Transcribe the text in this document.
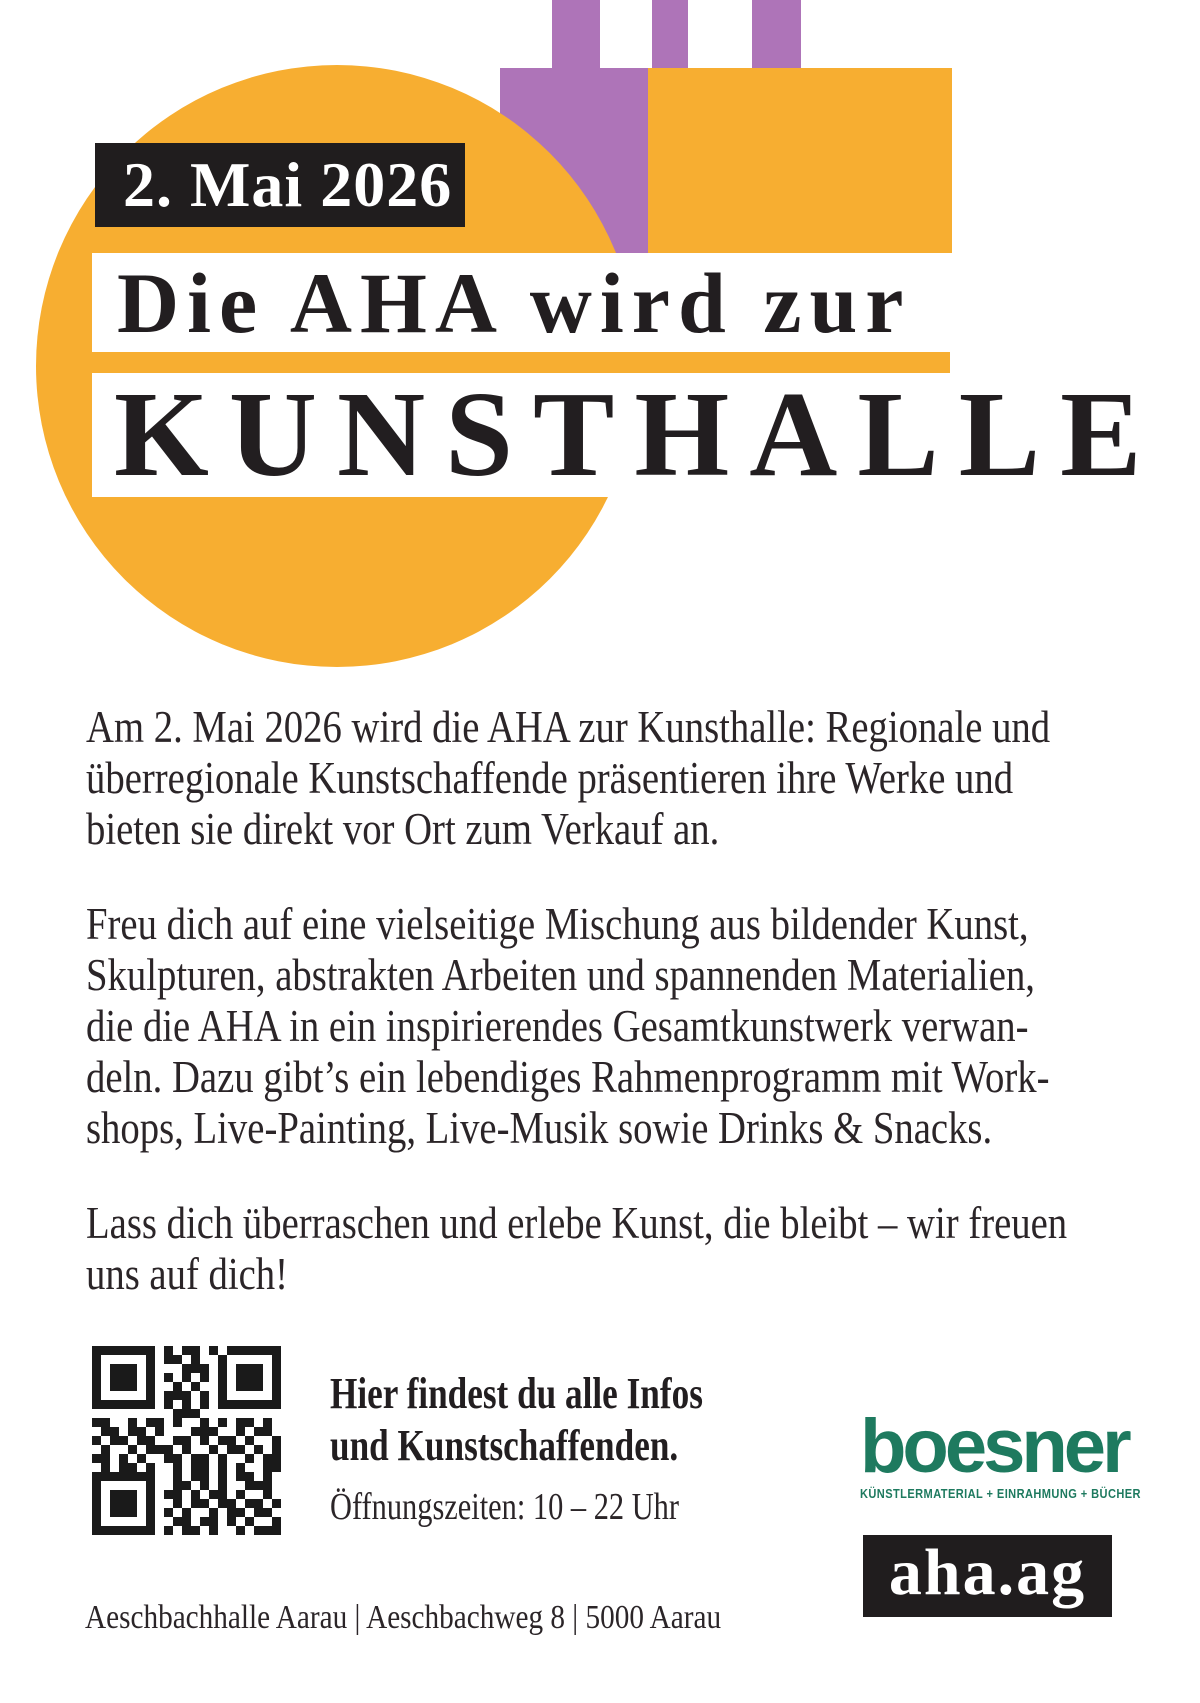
2. Mai 2026
Die AHA wird zur
KUNSTHALLE
Am 2. Mai 2026 wird die AHA zur Kunsthalle: Regionale und
überregionale Kunstschaffende präsentieren ihre Werke und
bieten sie direkt vor Ort zum Verkauf an.
Freu dich auf eine vielseitige Mischung aus bildender Kunst,
Skulpturen, abstrakten Arbeiten und spannenden Materialien,
die die AHA in ein inspirierendes Gesamtkunstwerk verwan-
deln. Dazu gibt’s ein lebendiges Rahmenprogramm mit Work-
shops, Live-Painting, Live-Musik sowie Drinks & Snacks.
Lass dich überraschen und erlebe Kunst, die bleibt – wir freuen
uns auf dich!
Hier findest du alle Infos
und Kunstschaffenden.
Öffnungszeiten: 10 – 22 Uhr
boesner
KÜNSTLERMATERIAL + EINRAHMUNG + BÜCHER
aha.ag
Aeschbachhalle Aarau | Aeschbachweg 8 | 5000 Aarau
